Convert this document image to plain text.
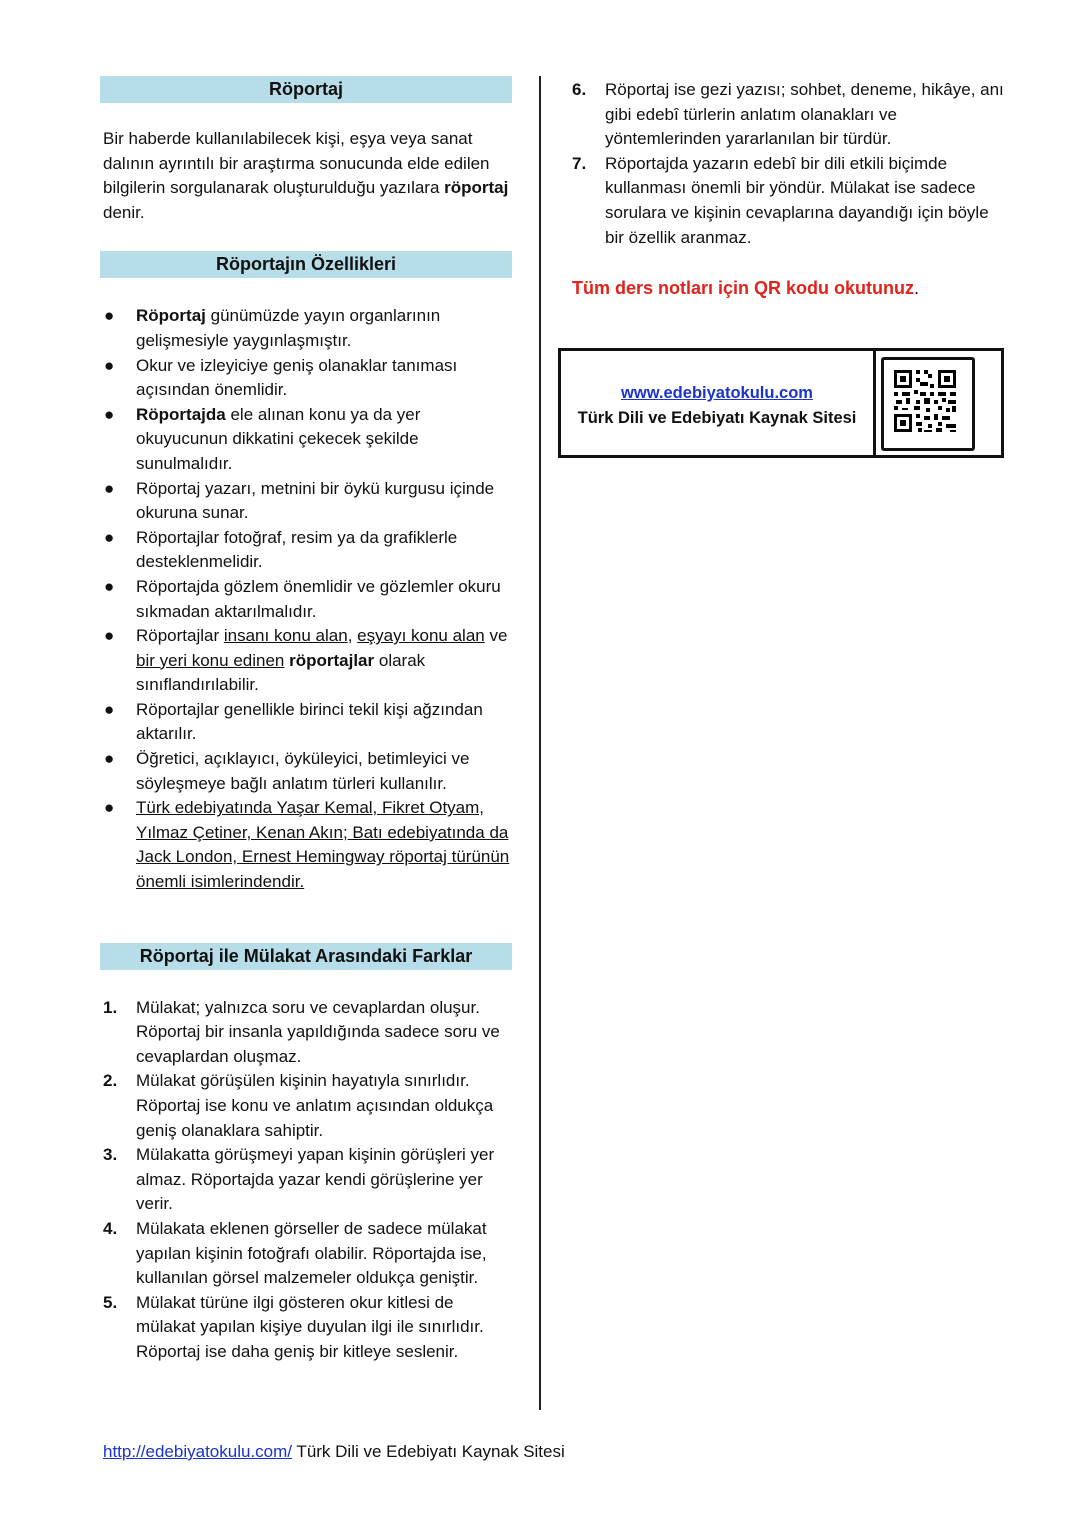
Röportaj

Bir haberde kullanılabilecek kişi, eşya veya sanat dalının ayrıntılı bir araştırma sonucunda elde edilen bilgilerin sorgulanarak oluşturulduğu yazılara röportaj denir.

Röportajın Özellikleri
● Röportaj günümüzde yayın organlarının gelişmesiyle yaygınlaşmıştır.
● Okur ve izleyiciye geniş olanaklar tanıması açısından önemlidir.
● Röportajda ele alınan konu ya da yer okuyucunun dikkatini çekecek şekilde sunulmalıdır.
● Röportaj yazarı, metnini bir öykü kurgusu içinde okuruna sunar.
● Röportajlar fotoğraf, resim ya da grafiklerle desteklenmelidir.
● Röportajda gözlem önemlidir ve gözlemler okuru sıkmadan aktarılmalıdır.
● Röportajlar insanı konu alan, eşyayı konu alan ve bir yeri konu edinen röportajlar olarak sınıflandırılabilir.
● Röportajlar genellikle birinci tekil kişi ağzından aktarılır.
● Öğretici, açıklayıcı, öyküleyici, betimleyici ve söyleşmeye bağlı anlatım türleri kullanılır.
● Türk edebiyatında Yaşar Kemal, Fikret Otyam, Yılmaz Çetiner, Kenan Akın; Batı edebiyatında da Jack London, Ernest Hemingway röportaj türünün önemli isimlerindendir.
Röportaj ile Mülakat Arasındaki Farklar
1. Mülakat; yalnızca soru ve cevaplardan oluşur. Röportaj bir insanla yapıldığında sadece soru ve cevaplardan oluşmaz.
2. Mülakat görüşülen kişinin hayatıyla sınırlıdır. Röportaj ise konu ve anlatım açısından oldukça geniş olanaklara sahiptir.
3. Mülakatta görüşmeyi yapan kişinin görüşleri yer almaz. Röportajda yazar kendi görüşlerine yer verir.
4. Mülakata eklenen görseller de sadece mülakat yapılan kişinin fotoğrafı olabilir. Röportajda ise, kullanılan görsel malzemeler oldukça geniştir.
5. Mülakat türüne ilgi gösteren okur kitlesi de mülakat yapılan kişiye duyulan ilgi ile sınırlıdır. Röportaj ise daha geniş bir kitleye seslenir.
6. Röportaj ise gezi yazısı; sohbet, deneme, hikâye, anı gibi edebî türlerin anlatım olanakları ve yöntemlerinden yararlanılan bir türdür.
7. Röportajda yazarın edebî bir dili etkili biçimde kullanması önemli bir yöndür. Mülakat ise sadece sorulara ve kişinin cevaplarına dayandığı için böyle bir özellik aranmaz.
Tüm ders notları için QR kodu okutunuz.
www.edebiyatokulu.com
Türk Dili ve Edebiyatı Kaynak Sitesi
http://edebiyatokulu.com/ Türk Dili ve Edebiyatı Kaynak Sitesi
